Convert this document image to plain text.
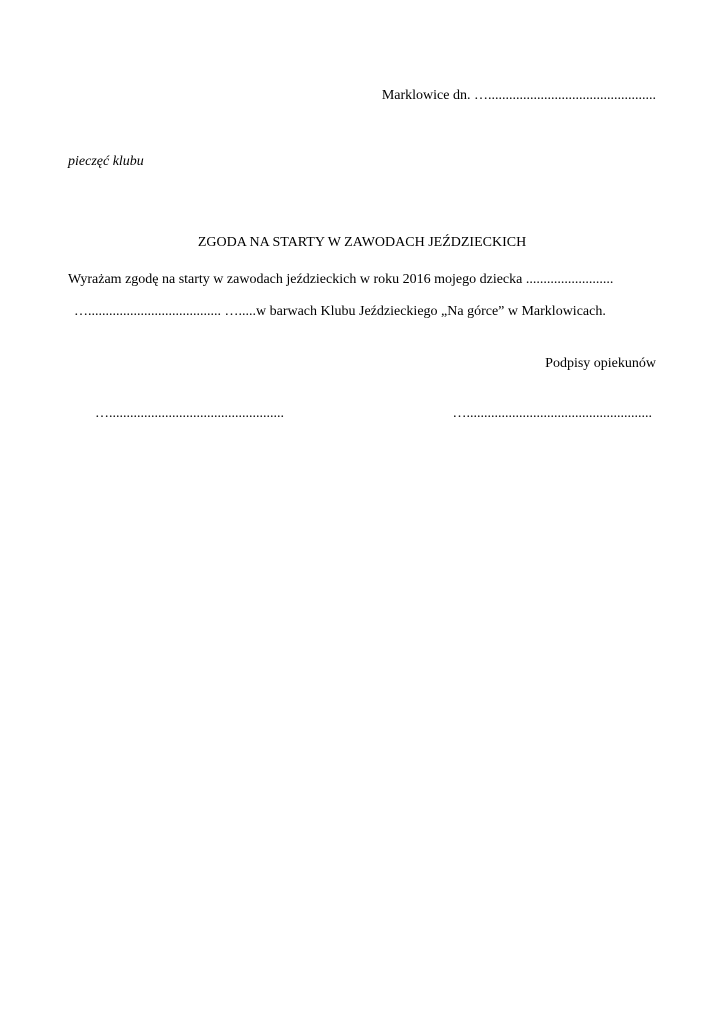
Marklowice dn. …................................................
pieczęć klubu
ZGODA NA STARTY W ZAWODACH JEŹDZIECKICH
Wyrażam zgodę na starty w zawodach jeździeckich w roku 2016 mojego dziecka .........................
…...................................... ….....w barwach Klubu Jeździeckiego „Na górce” w Marklowicach.
Podpisy opiekunów
…..................................................	….....................................................
